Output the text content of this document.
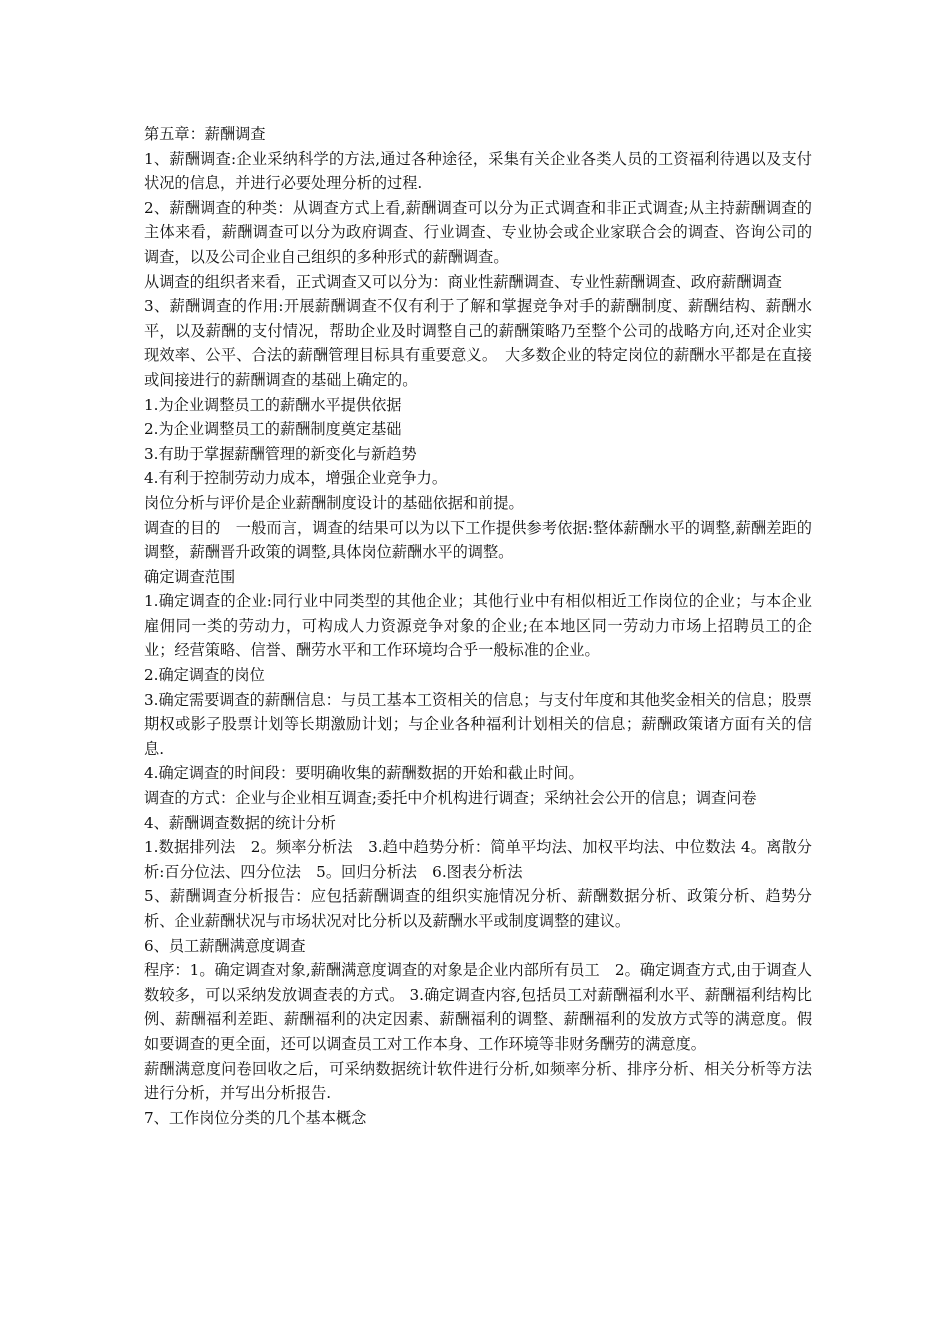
第五章：薪酬调查

1、薪酬调查:企业采纳科学的方法,通过各种途径，采集有关企业各类人员的工资福利待遇以及支付状况的信息，并进行必要处理分析的过程.

2、薪酬调查的种类：从调查方式上看,薪酬调查可以分为正式调查和非正式调查;从主持薪酬调查的主体来看，薪酬调查可以分为政府调查、行业调查、专业协会或企业家联合会的调查、咨询公司的调查，以及公司企业自己组织的多种形式的薪酬调查。

从调查的组织者来看，正式调查又可以分为：商业性薪酬调查、专业性薪酬调查、政府薪酬调查

3、薪酬调查的作用:开展薪酬调查不仅有利于了解和掌握竞争对手的薪酬制度、薪酬结构、薪酬水平，以及薪酬的支付情况，帮助企业及时调整自己的薪酬策略乃至整个公司的战略方向,还对企业实现效率、公平、合法的薪酬管理目标具有重要意义。　大多数企业的特定岗位的薪酬水平都是在直接或间接进行的薪酬调查的基础上确定的。

1.为企业调整员工的薪酬水平提供依据

2.为企业调整员工的薪酬制度奠定基础

3.有助于掌握薪酬管理的新变化与新趋势

4.有利于控制劳动力成本，增强企业竞争力。

岗位分析与评价是企业薪酬制度设计的基础依据和前提。

调查的目的　一般而言，调查的结果可以为以下工作提供参考依据:整体薪酬水平的调整,薪酬差距的调整，薪酬晋升政策的调整,具体岗位薪酬水平的调整。

确定调查范围

1.确定调查的企业:同行业中同类型的其他企业；其他行业中有相似相近工作岗位的企业；与本企业雇佣同一类的劳动力，可构成人力资源竞争对象的企业;在本地区同一劳动力市场上招聘员工的企业；经营策略、信誉、酬劳水平和工作环境均合乎一般标准的企业。

2.确定调查的岗位

3.确定需要调查的薪酬信息：与员工基本工资相关的信息；与支付年度和其他奖金相关的信息；股票期权或影子股票计划等长期激励计划；与企业各种福利计划相关的信息；薪酬政策诸方面有关的信息.

4.确定调查的时间段：要明确收集的薪酬数据的开始和截止时间。

调查的方式：企业与企业相互调查;委托中介机构进行调查；采纳社会公开的信息；调查问卷

4、薪酬调查数据的统计分析

1.数据排列法　2。频率分析法　3.趋中趋势分析：简单平均法、加权平均法、中位数法 4。离散分析:百分位法、四分位法　5。回归分析法　6.图表分析法

5、薪酬调查分析报告：应包括薪酬调查的组织实施情况分析、薪酬数据分析、政策分析、趋势分析、企业薪酬状况与市场状况对比分析以及薪酬水平或制度调整的建议。

6、员工薪酬满意度调查

程序：1。确定调查对象,薪酬满意度调查的对象是企业内部所有员工　2。确定调查方式,由于调查人数较多，可以采纳发放调查表的方式。 3.确定调查内容,包括员工对薪酬福利水平、薪酬福利结构比例、薪酬福利差距、薪酬福利的决定因素、薪酬福利的调整、薪酬福利的发放方式等的满意度。假如要调查的更全面，还可以调查员工对工作本身、工作环境等非财务酬劳的满意度。

薪酬满意度问卷回收之后，可采纳数据统计软件进行分析,如频率分析、排序分析、相关分析等方法进行分析，并写出分析报告.

7、工作岗位分类的几个基本概念
